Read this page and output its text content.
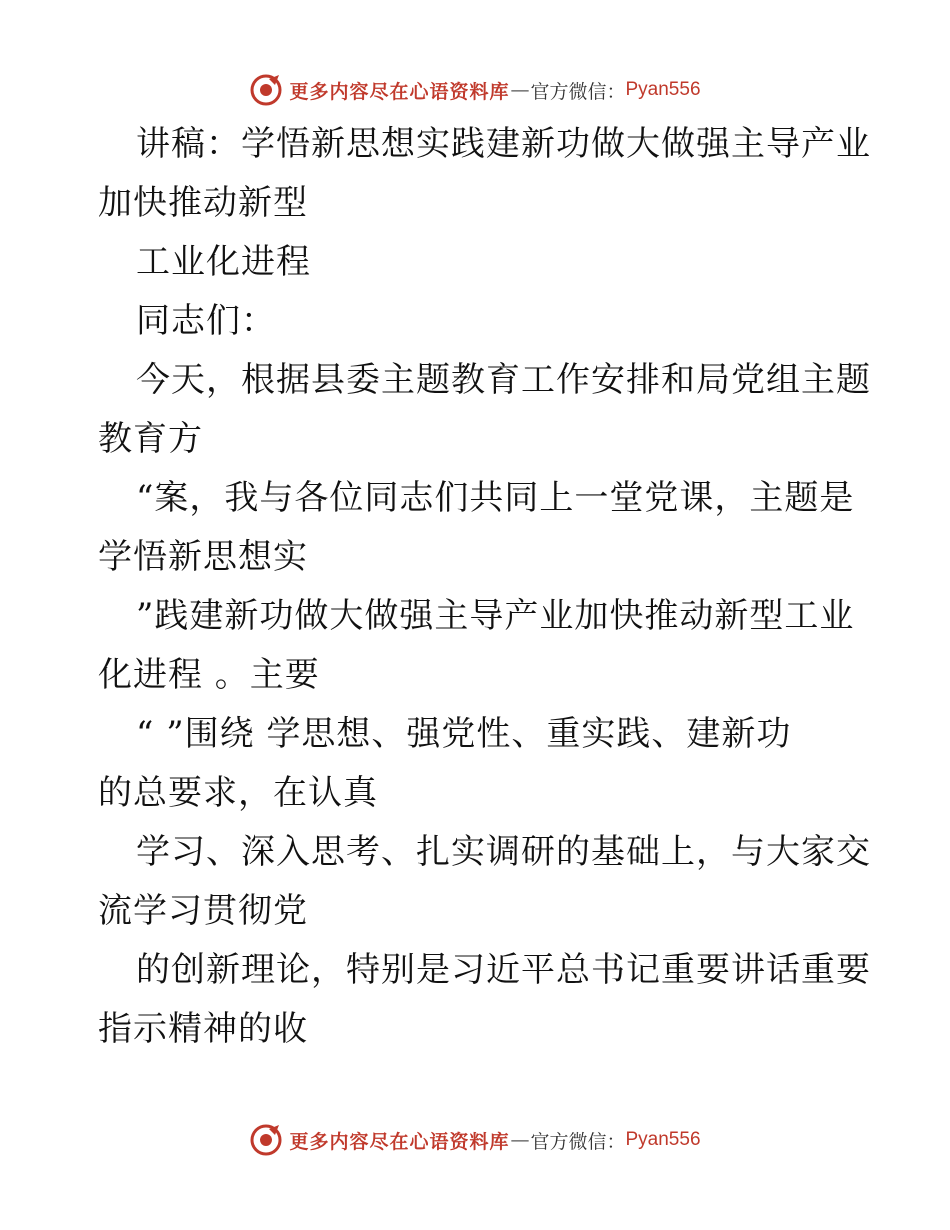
更多内容尽在心语资料库 — 官方微信： Pyan556
讲稿：学悟新思想实践建新功做大做强主导产业
加快推动新型
工业化进程
同志们：
今天，根据县委主题教育工作安排和局党组主题
教育方
“案，我与各位同志们共同上一堂党课，主题是
学悟新思想实
”践建新功做大做强主导产业加快推动新型工业
化进程 。主要
“ ”围绕 学思想、强党性、重实践、建新功
的总要求，在认真
学习、深入思考、扎实调研的基础上，与大家交
流学习贯彻党
的创新理论，特别是习近平总书记重要讲话重要
指示精神的收
更多内容尽在心语资料库 — 官方微信： Pyan556
